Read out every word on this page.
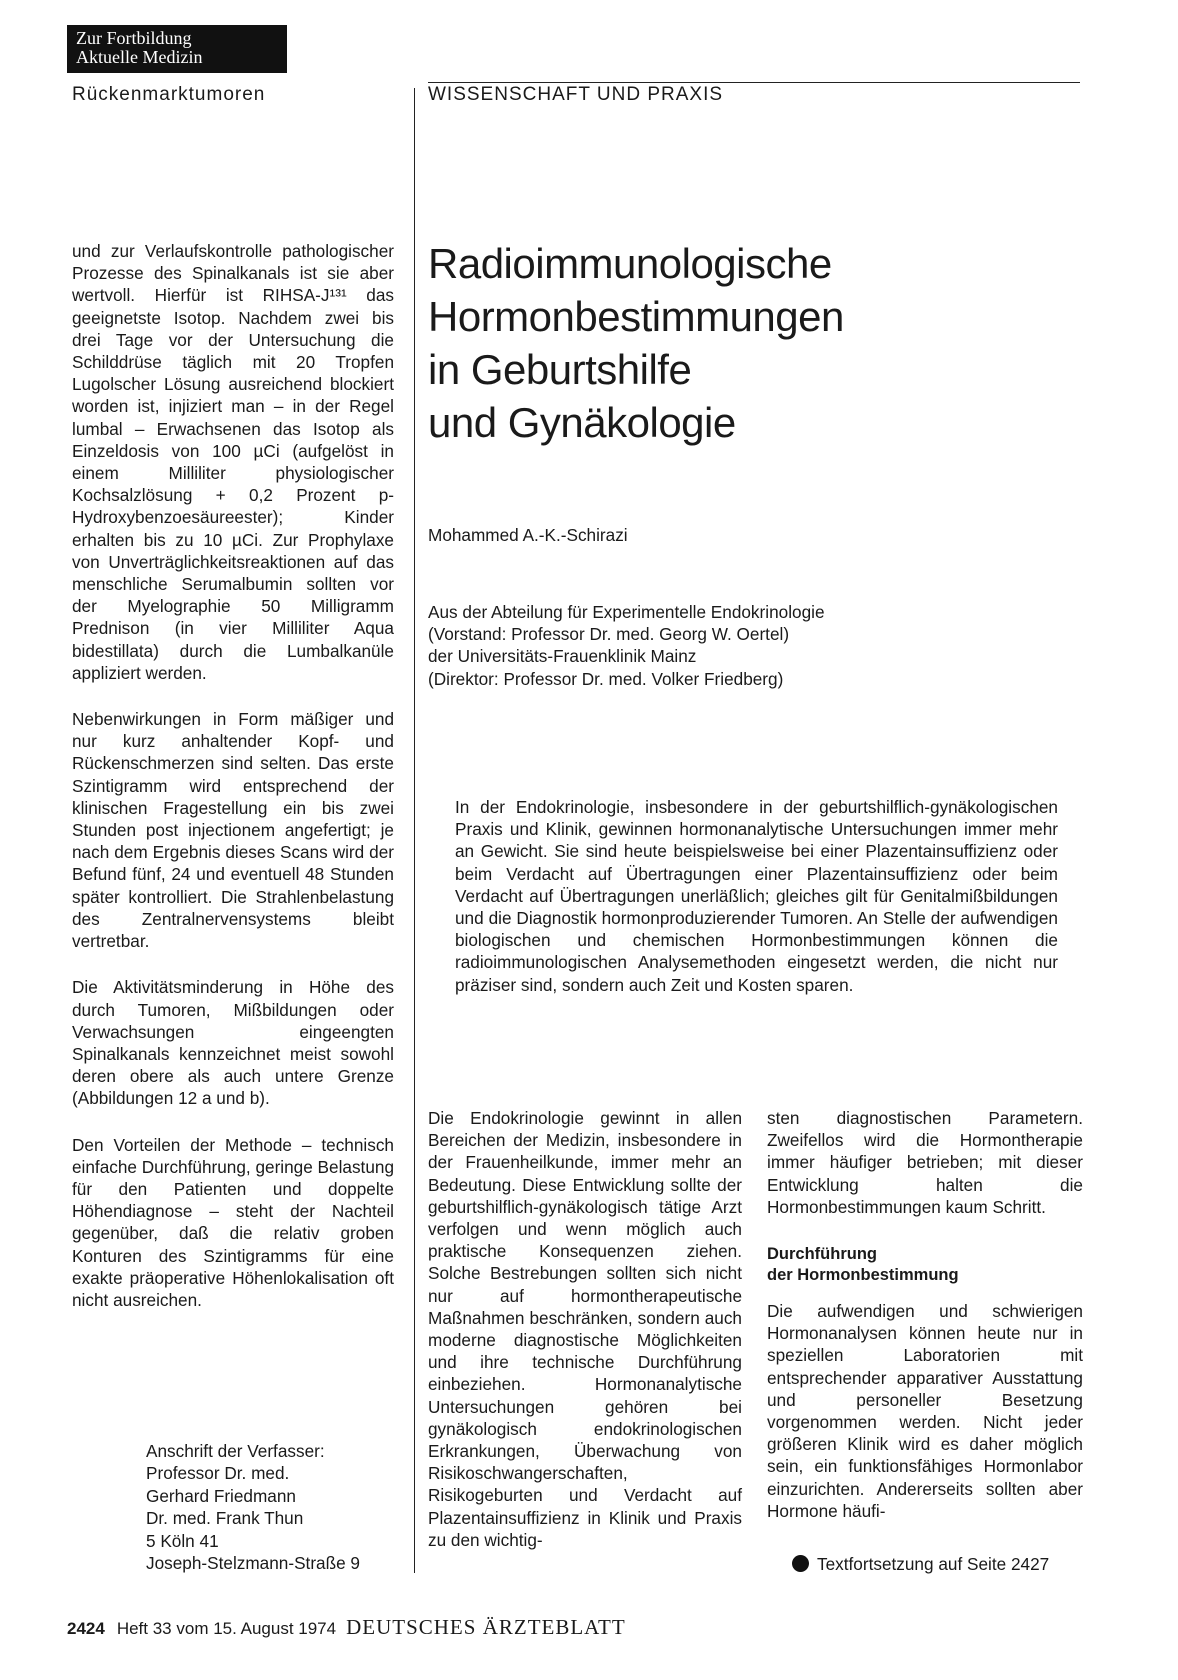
Zur Fortbildung
Aktuelle Medizin
Rückenmarktumoren	WISSENSCHAFT UND PRAXIS

und zur Verlaufskontrolle pathologischer Prozesse des Spinalkanals ist sie aber wertvoll. Hierfür ist RIHSA-J¹³¹ das geeignetste Isotop. Nachdem zwei bis drei Tage vor der Untersuchung die Schilddrüse täglich mit 20 Tropfen Lugolscher Lösung ausreichend blockiert worden ist, injiziert man – in der Regel lumbal – Erwachsenen das Isotop als Einzeldosis von 100 µCi (aufgelöst in einem Milliliter physiologischer Kochsalzlösung + 0,2 Prozent p-Hydroxybenzoesäureester); Kinder erhalten bis zu 10 µCi. Zur Prophylaxe von Unverträglichkeitsreaktionen auf das menschliche Serumalbumin sollten vor der Myelographie 50 Milligramm Prednison (in vier Milliliter Aqua bidestillata) durch die Lumbalkanüle appliziert werden.

Nebenwirkungen in Form mäßiger und nur kurz anhaltender Kopf- und Rückenschmerzen sind selten. Das erste Szintigramm wird entsprechend der klinischen Fragestellung ein bis zwei Stunden post injectionem angefertigt; je nach dem Ergebnis dieses Scans wird der Befund fünf, 24 und eventuell 48 Stunden später kontrolliert. Die Strahlenbelastung des Zentralnervensystems bleibt vertretbar.

Die Aktivitätsminderung in Höhe des durch Tumoren, Mißbildungen oder Verwachsungen eingeengten Spinalkanals kennzeichnet meist sowohl deren obere als auch untere Grenze (Abbildungen 12 a und b).

Den Vorteilen der Methode – technisch einfache Durchführung, geringe Belastung für den Patienten und doppelte Höhendiagnose – steht der Nachteil gegenüber, daß die relativ groben Konturen des Szintigramms für eine exakte präoperative Höhenlokalisation oft nicht ausreichen.

Anschrift der Verfasser:
Professor Dr. med.
Gerhard Friedmann
Dr. med. Frank Thun
5 Köln 41
Joseph-Stelzmann-Straße 9
Radioimmunologische
Hormonbestimmungen
in Geburtshilfe
und Gynäkologie
Mohammed A.-K.-Schirazi
Aus der Abteilung für Experimentelle Endokrinologie
(Vorstand: Professor Dr. med. Georg W. Oertel)
der Universitäts-Frauenklinik Mainz
(Direktor: Professor Dr. med. Volker Friedberg)
In der Endokrinologie, insbesondere in der geburtshilflich-gynäkologischen Praxis und Klinik, gewinnen hormonanalytische Untersuchungen immer mehr an Gewicht. Sie sind heute beispielsweise bei einer Plazentainsuffizienz oder beim Verdacht auf Übertragungen einer Plazentainsuffizienz oder beim Verdacht auf Übertragungen unerläßlich; gleiches gilt für Genitalmißbildungen und die Diagnostik hormonproduzierender Tumoren. An Stelle der aufwendigen biologischen und chemischen Hormonbestimmungen können die radioimmunologischen Analysemethoden eingesetzt werden, die nicht nur präziser sind, sondern auch Zeit und Kosten sparen.

Die Endokrinologie gewinnt in allen Bereichen der Medizin, insbesondere in der Frauenheilkunde, immer mehr an Bedeutung. Diese Entwicklung sollte der geburtshilflich-gynäkologisch tätige Arzt verfolgen und wenn möglich auch praktische Konsequenzen ziehen. Solche Bestrebungen sollten sich nicht nur auf hormontherapeutische Maßnahmen beschränken, sondern auch moderne diagnostische Möglichkeiten und ihre technische Durchführung einbeziehen. Hormonanalytische Untersuchungen gehören bei gynäkologisch endokrinologischen Erkrankungen, Überwachung von Risikoschwangerschaften, Risikogeburten und Verdacht auf Plazentainsuffizienz in Klinik und Praxis zu den wichtig-

sten diagnostischen Parametern. Zweifellos wird die Hormontherapie immer häufiger betrieben; mit dieser Entwicklung halten die Hormonbestimmungen kaum Schritt.

Durchführung
der Hormonbestimmung

Die aufwendigen und schwierigen Hormonanalysen können heute nur in speziellen Laboratorien mit entsprechender apparativer Ausstattung und personeller Besetzung vorgenommen werden. Nicht jeder größeren Klinik wird es daher möglich sein, ein funktionsfähiges Hormonlabor einzurichten. Andererseits sollten aber Hormone häufi-

Textfortsetzung auf Seite 2427
2424 Heft 33 vom 15. August 1974 DEUTSCHES ÄRZTEBLATT
